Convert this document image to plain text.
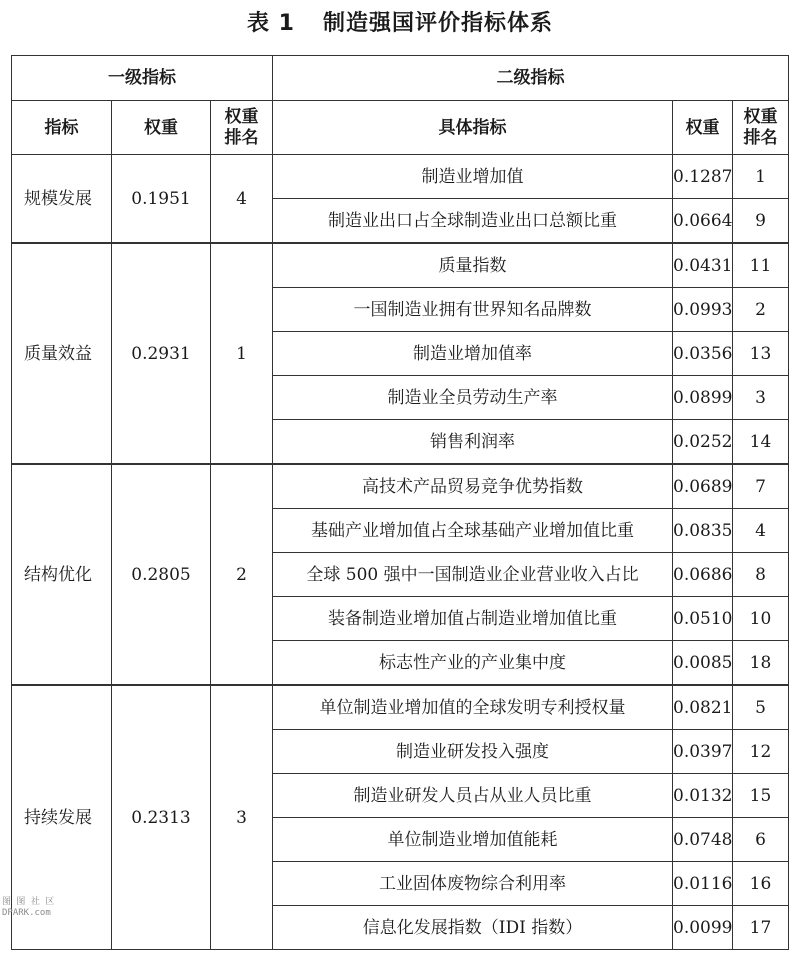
表 1 制造强国评价指标体系
一级指标			二级指标		
指标	权重	权重排名	具体指标	权重	权重排名

规模发展	0.1951	4	制造业增加值	0.1287	1
			制造业出口占全球制造业出口总额比重	0.0664	9
质量效益	0.2931	1	质量指数	0.0431	11
			一国制造业拥有世界知名品牌数	0.0993	2
			制造业增加值率	0.0356	13
			制造业全员劳动生产率	0.0899	3
			销售利润率	0.0252	14
结构优化	0.2805	2	高技术产品贸易竞争优势指数	0.0689	7
			基础产业增加值占全球基础产业增加值比重	0.0835	4
			全球 500 强中一国制造业企业营业收入占比	0.0686	8
			装备制造业增加值占制造业增加值比重	0.0510	10
			标志性产业的产业集中度	0.0085	18
持续发展	0.2313	3	单位制造业增加值的全球发明专利授权量	0.0821	5
			制造业研发投入强度	0.0397	12
			制造业研发人员占从业人员比重	0.0132	15
			单位制造业增加值能耗	0.0748	6
			工业固体废物综合利用率	0.0116	16
			信息化发展指数（IDI 指数）	0.0099	17
图 图 社 区
DPARK.com
